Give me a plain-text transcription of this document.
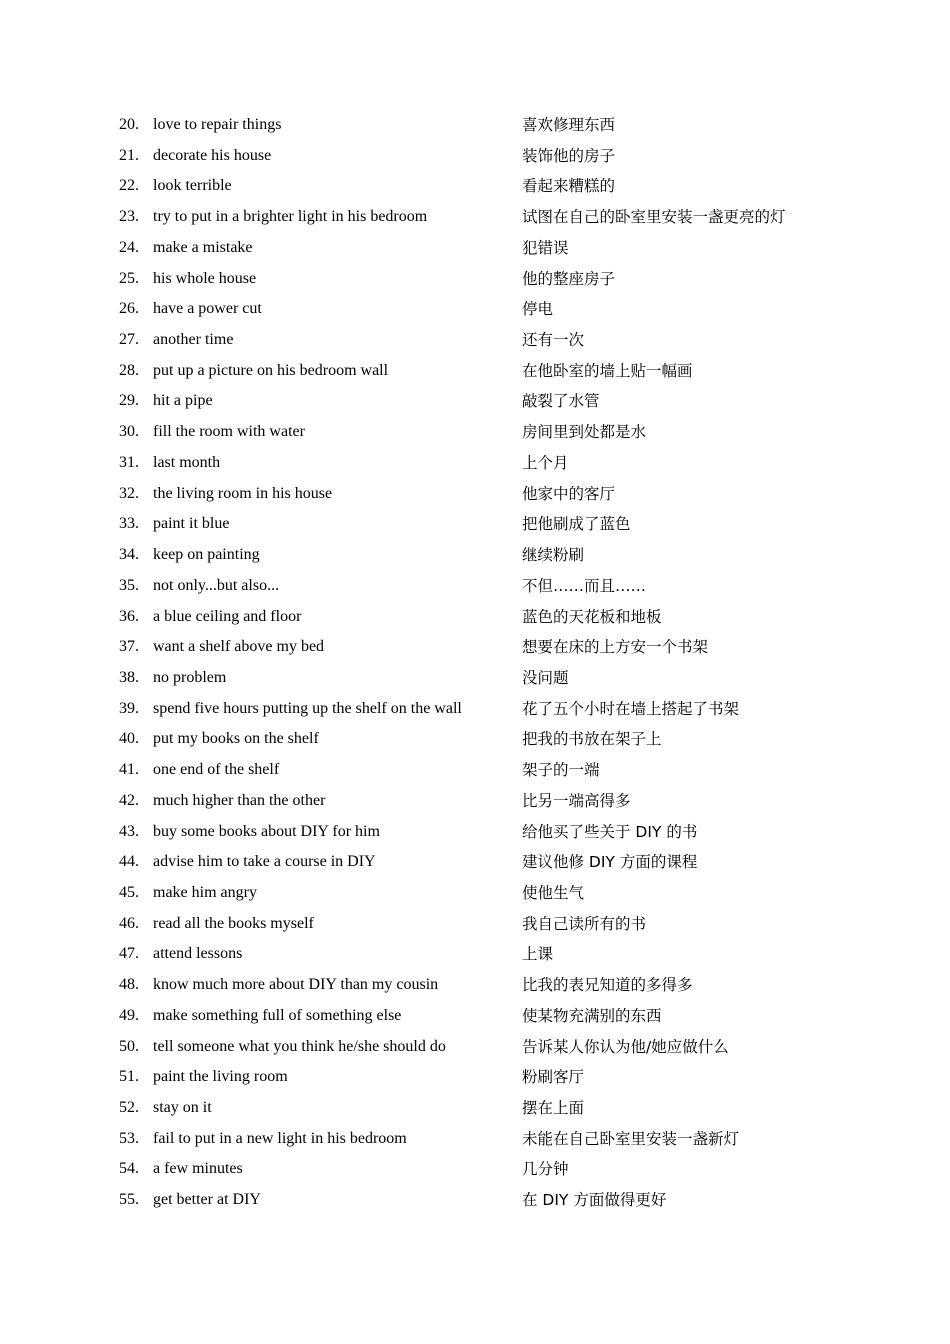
20. love to repair things	喜欢修理东西
21. decorate his house	装饰他的房子
22. look terrible	看起来糟糕的
23. try to put in a brighter light in his bedroom	试图在自己的卧室里安装一盏更亮的灯
24. make a mistake	犯错误
25. his whole house	他的整座房子
26. have a power cut	停电
27. another time	还有一次
28. put up a picture on his bedroom wall	在他卧室的墙上贴一幅画
29. hit a pipe	敲裂了水管
30. fill the room with water	房间里到处都是水
31. last month	上个月
32. the living room in his house	他家中的客厅
33. paint it blue	把他刷成了蓝色
34. keep on painting	继续粉刷
35. not only...but also...	不但……而且……
36. a blue ceiling and floor	蓝色的天花板和地板
37. want a shelf above my bed	想要在床的上方安一个书架
38. no problem	没问题
39. spend five hours putting up the shelf on the wall	花了五个小时在墙上搭起了书架
40. put my books on the shelf	把我的书放在架子上
41. one end of the shelf	架子的一端
42. much higher than the other	比另一端高得多
43. buy some books about DIY for him	给他买了些关于 DIY 的书
44. advise him to take a course in DIY	建议他修 DIY 方面的课程
45. make him angry	使他生气
46. read all the books myself	我自己读所有的书
47. attend lessons	上课
48. know much more about DIY than my cousin	比我的表兄知道的多得多
49. make something full of something else	使某物充满别的东西
50. tell someone what you think he/she should do	告诉某人你认为他/她应做什么
51. paint the living room	粉刷客厅
52. stay on it	摆在上面
53. fail to put in a new light in his bedroom	未能在自己卧室里安装一盏新灯
54. a few minutes	几分钟
55. get better at DIY	在 DIY 方面做得更好
